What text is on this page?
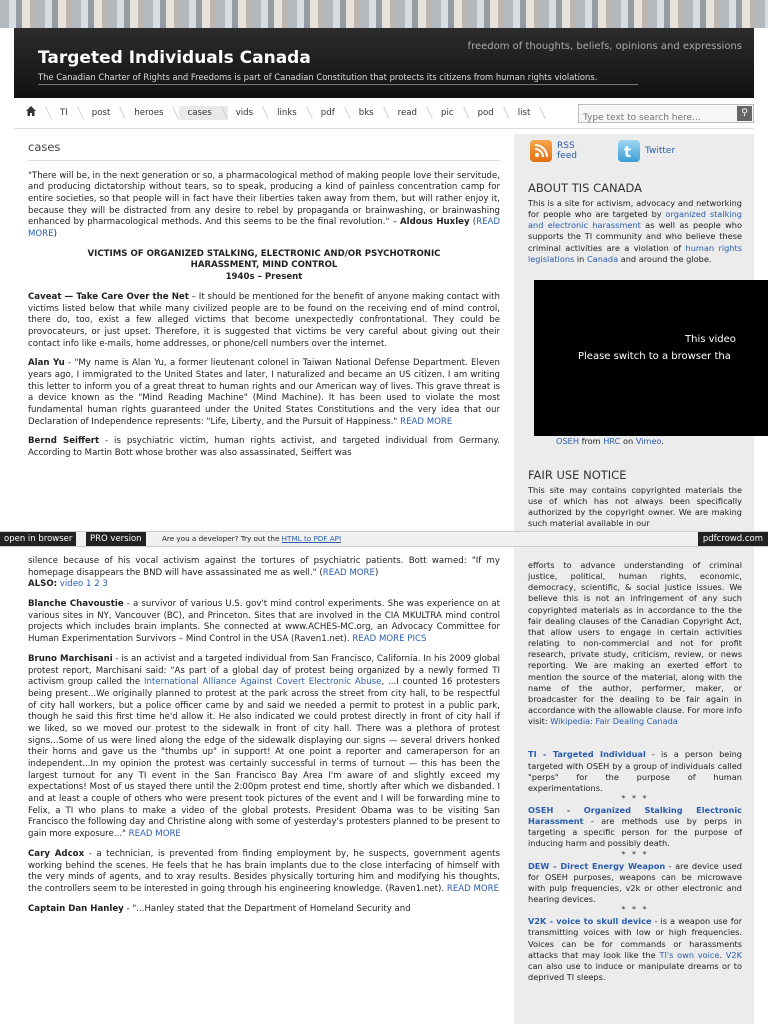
Targeted Individuals Canada
freedom of thoughts, beliefs, opinions and expressions
The Canadian Charter of Rights and Freedoms is part of Canadian Constitution that protects its citizens from human rights violations.
TI	post	heroes	cases	vids	links	pdf	bks	read	pic	pod	list
Type text to search here...	⚲
cases

"There will be, in the next generation or so, a pharmacological method of making people love their servitude, and producing dictatorship without tears, so to speak, producing a kind of painless concentration camp for entire societies, so that people will in fact have their liberties taken away from them, but will rather enjoy it, because they will be distracted from any desire to rebel by propaganda or brainwashing, or brainwashing enhanced by pharmacological methods. And this seems to be the final revolution." – Aldous Huxley (READ MORE)

VICTIMS OF ORGANIZED STALKING, ELECTRONIC AND/OR PSYCHOTRONIC
HARASSMENT, MIND CONTROL
1940s – Present

Caveat — Take Care Over the Net – It should be mentioned for the benefit of anyone making contact with victims listed below that while many civilized people are to be found on the receiving end of mind control, there do, too, exist a few alleged victims that become unexpectedly confrontational. They could be provocateurs, or just upset. Therefore, it is suggested that victims be very careful about giving out their contact info like e-mails, home addresses, or phone/cell numbers over the internet.

Alan Yu - "My name is Alan Yu, a former lieutenant colonel in Taiwan National Defense Department. Eleven years ago, I immigrated to the United States and later, I naturalized and became an US citizen. I am writing this letter to inform you of a great threat to human rights and our American way of lives. This grave threat is a device known as the "Mind Reading Machine" (Mind Machine). It has been used to violate the most fundamental human rights guaranteed under the United States Constitutions and the very idea that our Declaration of Independence represents: "Life, Liberty, and the Pursuit of Happiness." READ MORE

Bernd Seiffert - is psychiatric victim, human rights activist, and targeted individual from Germany. According to Martin Bott whose brother was also assassinated, Seiffert was

RSS feed	t Twitter
ABOUT TIS CANADA
This is a site for activism, advocacy and networking for people who are targeted by organized stalking and electronic harassment as well as people who supports the TI community and who believe these criminal activities are a violation of human rights legislations in Canada and around the globe.
This video
Please switch to a browser tha
OSEH from HRC on Vimeo.
FAIR USE NOTICE
This site may contains copyrighted materials the use of which has not always been specifically authorized by the copyright owner. We are making such material available in our
open in browser	PRO version	Are you a developer? Try out the HTML to PDF API	pdfcrowd.com
efforts to advance understanding of criminal justice, political, human rights, economic, democracy, scientific, & social justice issues. We believe this is not an infringement of any such copyrighted materials as in accordance to the the fair dealing clauses of the Canadian Copyright Act, that allow users to engage in certain activities relating to non-commercial and not for profit research, private study, criticism, review, or news reporting. We are making an exerted effort to mention the source of the material, along with the name of the author, performer, maker, or broadcaster for the dealing to be fair again in accordance with the allowable clause. For more info visit: Wikipedia: Fair Dealing Canada

TI - Targeted Individual - is a person being targeted with OSEH by a group of individuals called "perps" for the purpose of human experimentations.

* * *

OSEH - Organized Stalking Electronic Harassment - are methods use by perps in targeting a specific person for the purpose of inducing harm and possibly death.

* * *

DEW - Direct Energy Weapon - are device used for OSEH purposes, weapons can be microwave with pulp frequencies, v2k or other electronic and hearing devices.

* * *

V2K - voice to skull device - is a weapon use for transmitting voices with low or high frequencies. Voices can be for commands or harassments attacks that may look like the TI's own voice. V2K can also use to induce or manipulate dreams or to deprived TI sleeps.

silence because of his vocal activism against the tortures of psychiatric patients. Bott warned: "If my homepage disappears the BND will have assassinated me as well." (READ MORE)
ALSO: video 1 2 3

Blanche Chavoustie - a survivor of various U.S. gov't mind control experiments. She was experience on at various sites in NY, Vancouver (BC), and Princeton. Sites that are involved in the CIA MKULTRA mind control projects which includes brain implants. She connected at www.ACHES-MC.org, an Advocacy Committee for Human Experimentation Survivors – Mind Control in the USA (Raven1.net). READ MORE PICS

Bruno Marchisani - is an activist and a targeted individual from San Francisco, California. In his 2009 global protest report, Marchisani said: "As part of a global day of protest being organized by a newly formed TI activism group called the International Alliance Against Covert Electronic Abuse, ...I counted 16 protesters being present...We originally planned to protest at the park across the street from city hall, to be respectful of city hall workers, but a police officer came by and said we needed a permit to protest in a public park, though he said this first time he'd allow it. He also indicated we could protest directly in front of city hall if we liked, so we moved our protest to the sidewalk in front of city hall. There was a plethora of protest signs...Some of us were lined along the edge of the sidewalk displaying our signs — several drivers honked their horns and gave us the "thumbs up" in support! At one point a reporter and cameraperson for an independent...In my opinion the protest was certainly successful in terms of turnout — this has been the largest turnout for any TI event in the San Francisco Bay Area I'm aware of and slightly exceed my expectations! Most of us stayed there until the 2:00pm protest end time, shortly after which we disbanded. I and at least a couple of others who were present took pictures of the event and I will be forwarding mine to Felix, a TI who plans to make a video of the global protests. President Obama was to be visiting San Francisco the following day and Christine along with some of yesterday's protesters planned to be present to gain more exposure..." READ MORE

Cary Adcox - a technician, is prevented from finding employment by, he suspects, government agents working behind the scenes. He feels that he has brain implants due to the close interfacing of himself with the very minds of agents, and to xray results. Besides physically torturing him and modifying his thoughts, the controllers seem to be interested in going through his engineering knowledge. (Raven1.net). READ MORE

Captain Dan Hanley - "...Hanley stated that the Department of Homeland Security and
